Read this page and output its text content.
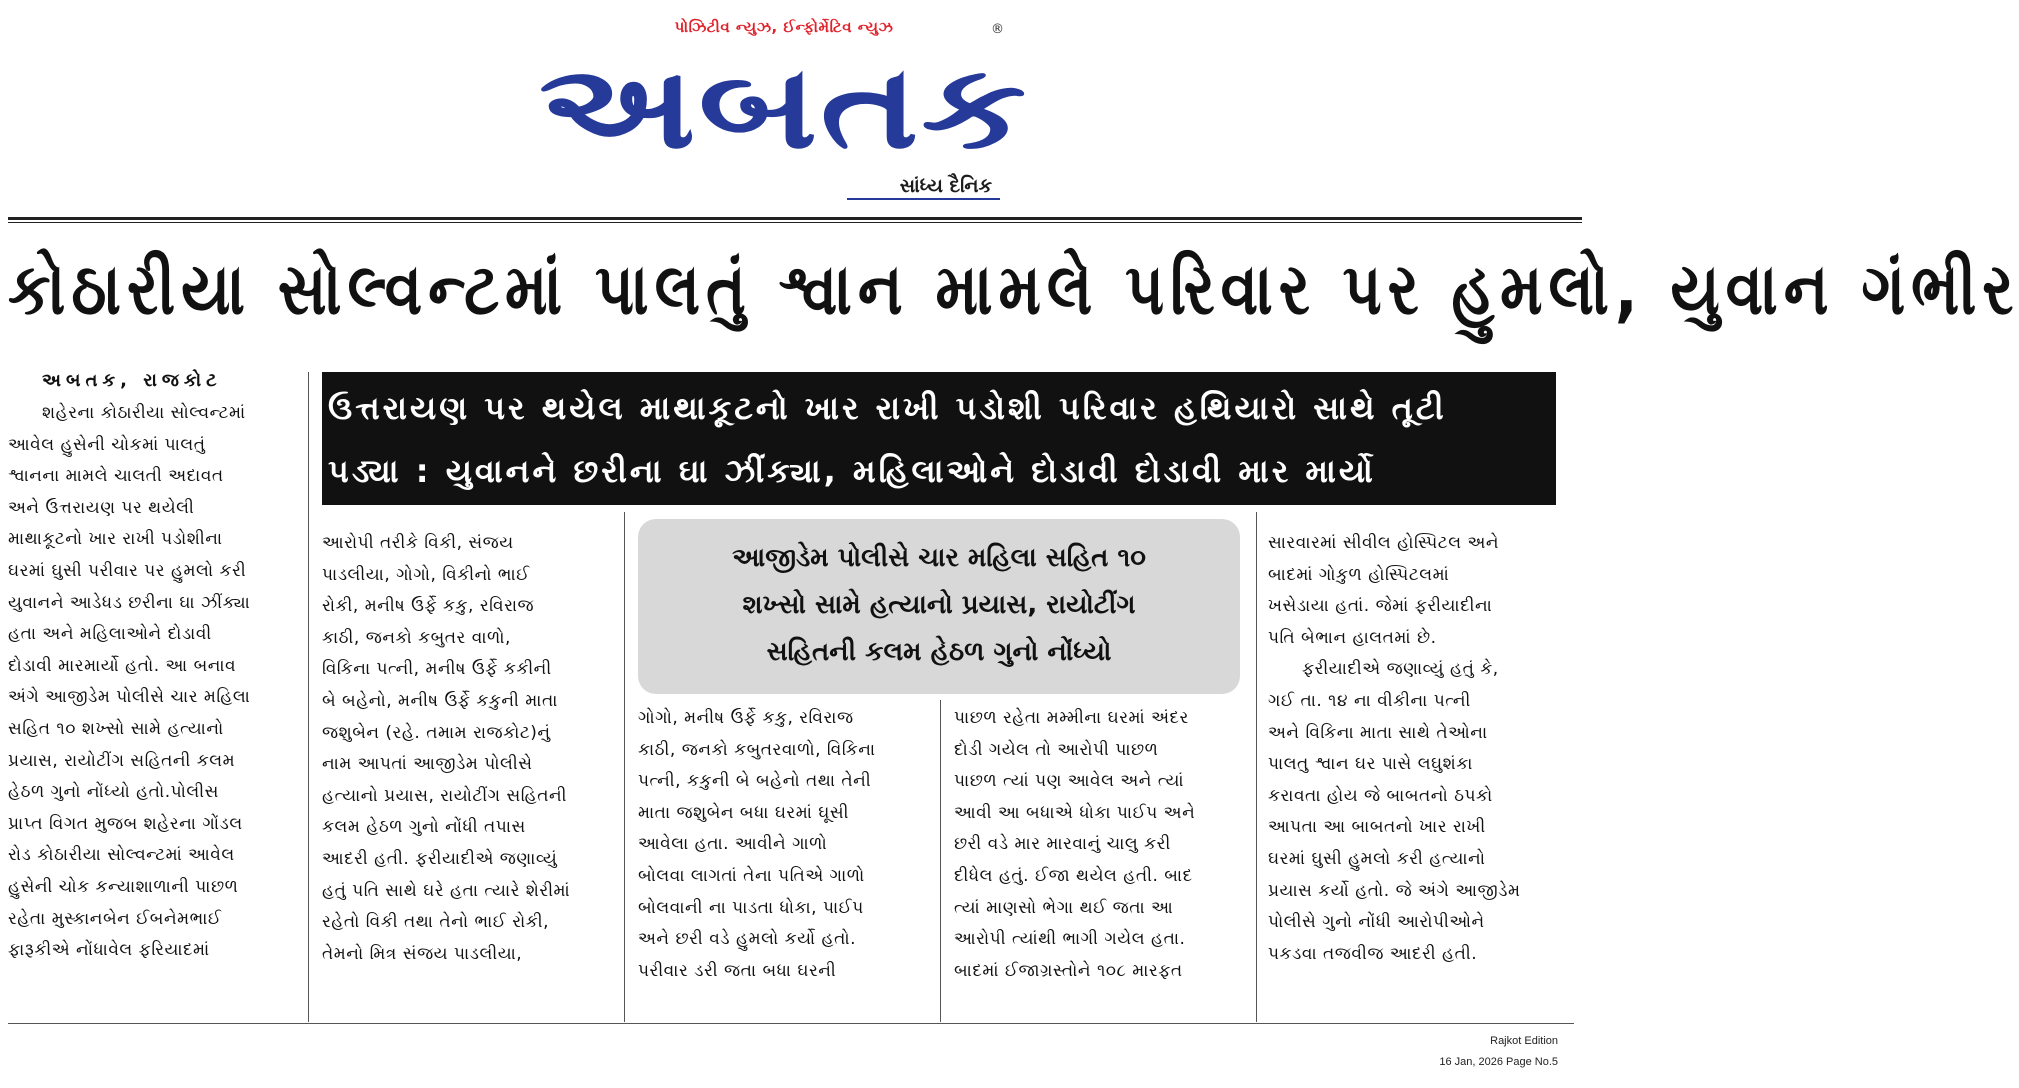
પોઝિટીવ ન્યુઝ, ઈન્ફોર્મેટિવ ન્યુઝ	®
અબતક
સાંધ્ય દૈનિક
કોઠારીયા સોલ્વન્ટમાં પાલતું શ્વાન મામલે પરિવાર પર હુમલો, યુવાન ગંભીર
અબતક, રાજકોટ
ઉત્તરાયણ પર થયેલ માથાકૂટનો ખાર રાખી પડોશી પરિવાર હથિયારો સાથે તૂટી
પડ્યા : યુવાનને છરીના ઘા ઝીંક્યા, મહિલાઓને દોડાવી દોડાવી માર માર્યો
આજીડેમ પોલીસે ચાર મહિલા સહિત ૧૦
શખ્સો સામે હત્યાનો પ્રયાસ, રાયોટીંગ
સહિતની કલમ હેઠળ ગુનો નોંધ્યો
શહેરના કોઠારીયા સોલ્વન્ટમાં
આવેલ હુસેની ચોકમાં પાલતું
શ્વાનના મામલે ચાલતી અદાવત
અને ઉત્તરાયણ પર થયેલી
માથાકૂટનો ખાર રાખી પડોશીના
ઘરમાં ઘુસી પરીવાર પર હુમલો કરી
યુવાનને આડેધડ છરીના ઘા ઝીંક્યા
હતા અને મહિલાઓને દોડાવી
દોડાવી મારમાર્યો હતો. આ બનાવ
અંગે આજીડેમ પોલીસે ચાર મહિલા
સહિત ૧૦ શખ્સો સામે હત્યાનો
પ્રયાસ, રાયોટીંગ સહિતની કલમ
હેઠળ ગુનો નોંધ્યો હતો.પોલીસ
પ્રાપ્ત વિગત મુજબ શહેરના ગોંડલ
રોડ કોઠારીયા સોલ્વન્ટમાં આવેલ
હુસેની ચોક કન્યાશાળાની પાછળ
રહેતા મુસ્કાનબેન ઈબનેમભાઈ
ફારૂકીએ નોંધાવેલ ફરિયાદમાં
આરોપી તરીકે વિકી, સંજય
પાડલીયા, ગોગો, વિકીનો ભાઈ
રોકી, મનીષ ઉર્ફે કકુ, રવિરાજ
કાઠી, જનકો કબુતર વાળો,
વિકિના પત્ની, મનીષ ઉર્ફે કકીની
બે બહેનો, મનીષ ઉર્ફે કકુની માતા
જશુબેન (રહે. તમામ રાજકોટ)નું
નામ આપતાં આજીડેમ પોલીસે
હત્યાનો પ્રયાસ, રાયોટીંગ સહિતની
કલમ હેઠળ ગુનો નોંધી તપાસ
આદરી હતી. ફરીયાદીએ જણાવ્યું
હતું પતિ સાથે ઘરે હતા ત્યારે શેરીમાં
રહેતો વિકી તથા તેનો ભાઈ રોકી,
તેમનો મિત્ર સંજય પાડલીયા,
ગોગો, મનીષ ઉર્ફે કકુ, રવિરાજ
કાઠી, જનકો કબુતરવાળો, વિકિના
પત્ની, કકુની બે બહેનો તથા તેની
માતા જશુબેન બધા ઘરમાં ઘૂસી
આવેલા હતા. આવીને ગાળો
બોલવા લાગતાં તેના પતિએ ગાળો
બોલવાની ના પાડતા ધોકા, પાઈપ
અને છરી વડે હુમલો કર્યો હતો.
પરીવાર ડરી જતા બધા ઘરની
પાછળ રહેતા મમ્મીના ઘરમાં અંદર
દોડી ગયેલ તો આરોપી પાછળ
પાછળ ત્યાં પણ આવેલ અને ત્યાં
આવી આ બધાએ ધોકા પાઈપ અને
છરી વડે માર મારવાનું ચાલુ કરી
દીધેલ હતું. ઈજા થયેલ હતી. બાદ
ત્યાં માણસો ભેગા થઈ જતા આ
આરોપી ત્યાંથી ભાગી ગયેલ હતા.
બાદમાં ઈજાગ્રસ્તોને ૧૦૮ મારફત
સારવારમાં સીવીલ હોસ્પિટલ અને
બાદમાં ગોકુળ હોસ્પિટલમાં
ખસેડાયા હતાં. જેમાં ફરીયાદીના
પતિ બેભાન હાલતમાં છે.
ફરીયાદીએ જણાવ્યું હતું કે,
ગઈ તા. ૧૪ ના વીકીના પત્ની
અને વિકિના માતા સાથે તેઓના
પાલતુ શ્વાન ઘર પાસે લઘુશંકા
કરાવતા હોય જે બાબતનો ઠપકો
આપતા આ બાબતનો ખાર રાખી
ઘરમાં ઘુસી હુમલો કરી હત્યાનો
પ્રયાસ કર્યો હતો. જે અંગે આજીડેમ
પોલીસે ગુનો નોંધી આરોપીઓને
પકડવા તજવીજ આદરી હતી.
Rajkot Edition
16 Jan, 2026 Page No.5
